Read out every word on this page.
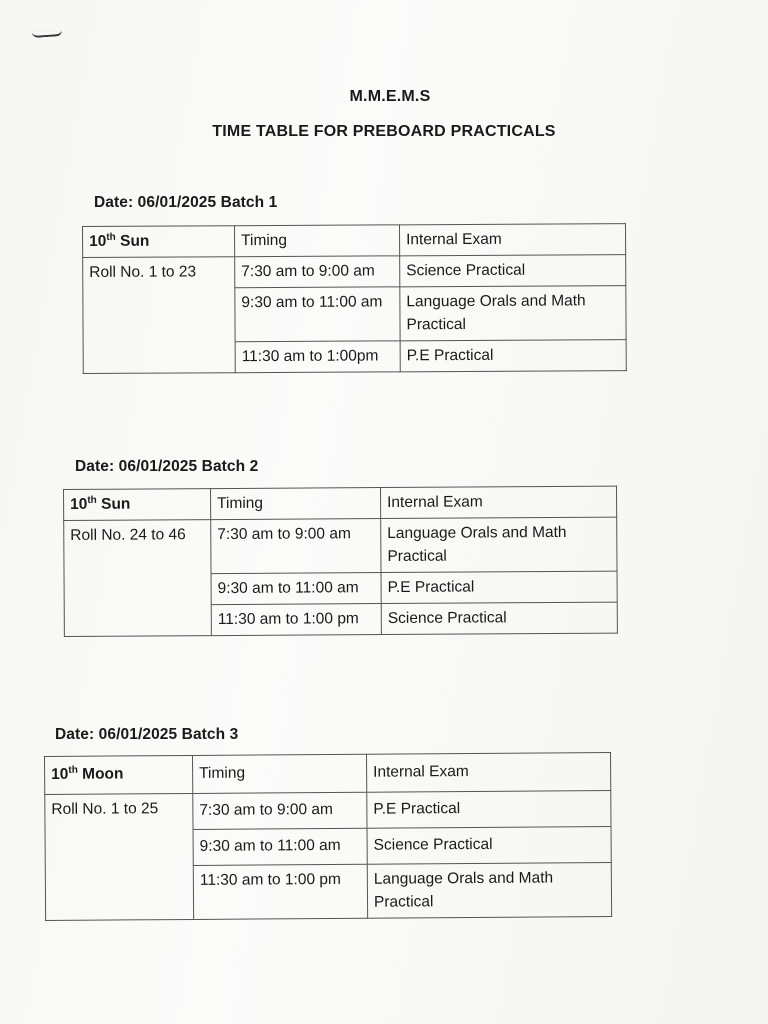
M.M.E.M.S
TIME TABLE FOR PREBOARD PRACTICALS
Date: 06/01/2025 Batch 1
10th Sun	Timing	Internal Exam
Roll No. 1 to 23	7:30 am to 9:00 am	Science Practical
	9:30 am to 11:00 am	Language Orals and Math Practical
	11:30 am to 1:00pm	P.E Practical
Date: 06/01/2025 Batch 2
10th Sun	Timing	Internal Exam
Roll No. 24 to 46	7:30 am to 9:00 am	Language Orals and Math Practical
	9:30 am to 11:00 am	P.E Practical
	11:30 am to 1:00 pm	Science Practical
Date: 06/01/2025 Batch 3
10th Moon	Timing	Internal Exam
Roll No. 1 to 25	7:30 am to 9:00 am	P.E Practical
	9:30 am to 11:00 am	Science Practical
	11:30 am to 1:00 pm	Language Orals and Math Practical
